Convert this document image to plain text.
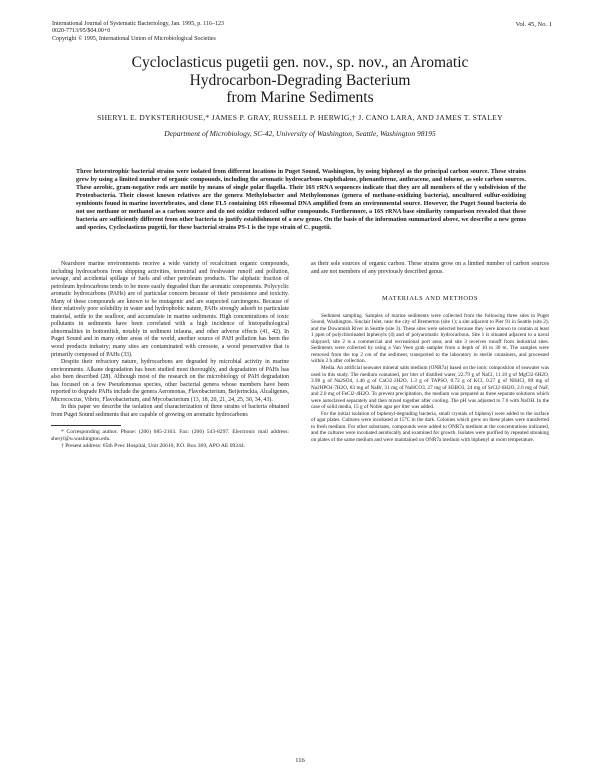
International Journal of Systematic Bacteriology, Jan. 1995, p. 116–123
0020-7713/95/$04.00+0
Copyright © 1995, International Union of Microbiological Societies
Vol. 45, No. 1
Cycloclasticus pugetii gen. nov., sp. nov., an Aromatic
Hydrocarbon-Degrading Bacterium
from Marine Sediments
SHERYL E. DYKSTERHOUSE,* JAMES P. GRAY, RUSSELL P. HERWIG,† J. CANO LARA, AND JAMES T. STALEY
Department of Microbiology, SC-42, University of Washington, Seattle, Washington 98195
Three heterotrophic bacterial strains were isolated from different locations in Puget Sound, Washington, by using biphenyl as the principal carbon source. These strains grew by using a limited number of organic compounds, including the aromatic hydrocarbons naphthalene, phenanthrene, anthracene, and toluene, as sole carbon sources. These aerobic, gram-negative rods are motile by means of single polar flagella. Their 16S rRNA sequences indicate that they are all members of the γ subdivision of the Proteobacteria. Their closest known relatives are the genera Methylobacter and Methylomonas (genera of methane-oxidizing bacteria), uncultured sulfur-oxidizing symbionts found in marine invertebrates, and clone FL5 containing 16S ribosomal DNA amplified from an environmental source. However, the Puget Sound bacteria do not use methane or methanol as a carbon source and do not oxidize reduced sulfur compounds. Furthermore, a 16S rRNA base similarity comparison revealed that these bacteria are sufficiently different from other bacteria to justify establishment of a new genus. On the basis of the information summarized above, we describe a new genus and species, Cycloclasticus pugetii, for these bacterial strains PS-1 is the type strain of C. pugetii.

Nearshore marine environments receive a wide variety of recalcitrant organic compounds, including hydrocarbons from shipping activities, terrestrial and freshwater runoff and pollution, sewage, and accidental spillage of fuels and other petroleum products. The aliphatic fraction of petroleum hydrocarbons tends to be more easily degraded than the aromatic components. Polycyclic aromatic hydrocarbons (PAHs) are of particular concern because of their persistence and toxicity. Many of these compounds are known to be mutagenic and are suspected carcinogens. Because of their relatively poor solubility in water and hydrophobic nature, PAHs strongly adsorb to particulate material, settle to the seafloor, and accumulate in marine sediments. High concentrations of toxic pollutants in sediments have been correlated with a high incidence of histopathological abnormalities in bottomfish, notably in sediment infauna, and other adverse effects (41, 42). In Puget Sound and in many other areas of the world, another source of PAH pollution has been the wood products industry; many sites are contaminated with creosote, a wood preservative that is primarily composed of PAHs (33).

Despite their refractory nature, hydrocarbons are degraded by microbial activity in marine environments. Alkane degradation has been studied most thoroughly, and degradation of PAHs has also been described (28). Although most of the research on the microbiology of PAH degradation has focused on a few Pseudomonas species, other bacterial genera whose members have been reported to degrade PAHs include the genera Aeromonas, Flavobacterium, Beijerinckia, Alcaligenes, Micrococcus, Vibrio, Flavobacterium, and Mycobacterium (13, 18, 20, 21, 24, 25, 30, 34, 43).

In this paper we describe the isolation and characterization of three strains of bacteria obtained from Puget Sound sediments that are capable of growing on aromatic hydrocarbons

* Corresponding author. Phone: (206) 685-2163. Fax: (206) 543-8297. Electronic mail address: sheryl@u.washington.edu.

† Present address: 65th Pvec Hospital, Unit 26610, P.O. Box 369, APO AE 09244.

as their sole sources of organic carbon. These strains grow on a limited number of carbon sources and are not members of any previously described genus.

MATERIALS AND METHODS

Sediment sampling. Samples of marine sediments were collected from the following three sites in Puget Sound, Washington. Sinclair Inlet, near the city of Bremerton (site 1); a site adjacent to Pier 91 in Seattle (site 2); and the Duwamish River in Seattle (site 3). These sites were selected because they were known to contain at least 1 ppm of polychlorinated biphenyls (4) and of polyaromatic hydrocarbons. Site 1 is situated adjacent to a naval shipyard; site 2 is a commercial and recreational port area; and site 3 receives runoff from industrial sites. Sediments were collected by using a Van Veen grab sampler from a depth of 10 to 30 m. The samples were removed from the top 2 cm of the sediment, transported to the laboratory in sterile containers, and processed within 2 h after collection.

Media. An artificial seawater mineral salts medium (ONR7a) based on the ionic composition of seawater was used in this study. The medium contained, per liter of distilled water, 22.79 g of NaCl, 11.18 g of MgCl2·6H2O, 3.98 g of Na2SO4, 1.46 g of CaCl2·2H2O, 1.3 g of TAPSO, 0.72 g of KCl, 0.27 g of NH4Cl, 89 mg of Na2HPO4·7H2O, 83 mg of NaBr, 31 mg of NaHCO3, 27 mg of H3BO3, 24 mg of SrCl2·6H2O, 2.6 mg of NaF, and 2.0 mg of FeCl2·4H2O. To prevent precipitation, the medium was prepared as three separate solutions which were autoclaved separately and then mixed together after cooling. The pH was adjusted to 7.6 with NaOH. In the case of solid media, 15 g of Noble agar per liter was added.

For the initial isolation of biphenyl-degrading bacteria, small crystals of biphenyl were added to the surface of agar plates. Cultures were incubated at 15°C in the dark. Colonies which grew on these plates were transferred to fresh medium. For other substrates, compounds were added to ONR7a medium at the concentrations indicated, and the cultures were incubated aerobically and examined for growth. Isolates were purified by repeated streaking on plates of the same medium and were maintained on ONR7a medium with biphenyl at room temperature.

116
